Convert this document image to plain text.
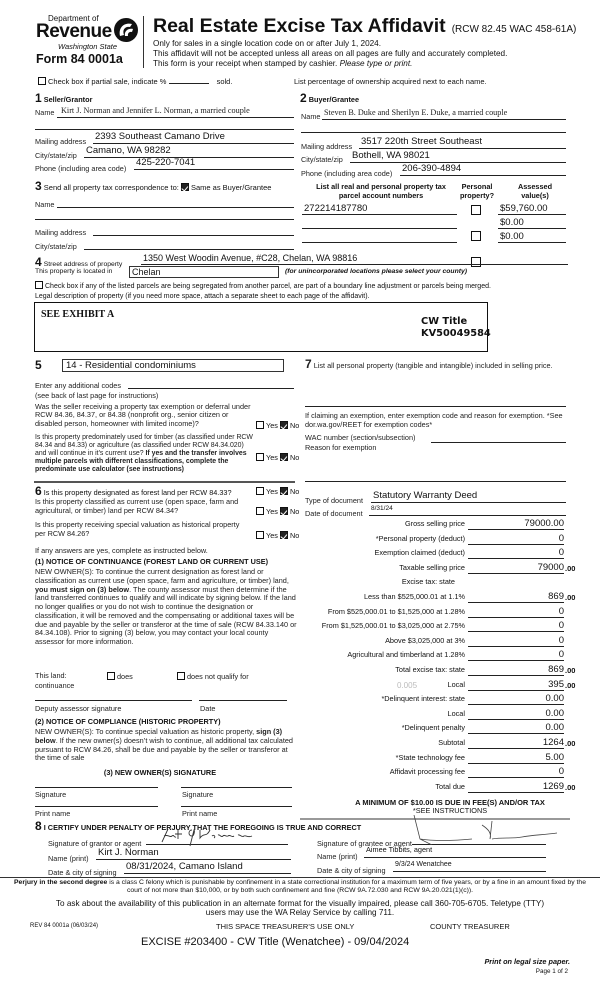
Department of
Revenue
Washington State
Form 84 0001a
Real Estate Excise Tax Affidavit (RCW 82.45 WAC 458-61A)
Only for sales in a single location code on or after July 1, 2024.
This affidavit will not be accepted unless all areas on all pages are fully and accurately completed.
This form is your receipt when stamped by cashier. Please type or print.
Check box if partial sale, indicate %	sold.	List percentage of ownership acquired next to each name.
1 Seller/Grantor
Name Kirt J. Norman and Jennifer L. Norman, a married couple
Mailing address 2393 Southeast Camano Drive
City/state/zip Camano, WA 98282
Phone (including area code)
425-220-7041
2 Buyer/Grantee
Name Steven B. Duke and Sherilyn E. Duke, a married couple
Mailing address 3517 220th Street Southeast
City/state/zip Bothell, WA 98021
Phone (including area code) 206-390-4894
List all real and personal property tax parcel account numbers
Personal property?
Assessed value(s)
272214187780	$59,760.00
$0.00
$0.00
3 Send all property tax correspondence to: Same as Buyer/Grantee
Name
Mailing address
City/state/zip
4 Street address of property
1350 West Woodin Avenue, #C28, Chelan, WA 98816
This property is located in	Chelan	(for unincorporated locations please select your county)
Check box if any of the listed parcels are being segregated from another parcel, are part of a boundary line adjustment or parcels being merged.
Legal description of property (if you need more space, attach a separate sheet to each page of the affidavit).
SEE EXHIBIT A
CW Title
KV50049584
5	14 - Residential condominiums
Enter any additional codes
(see back of last page for instructions)
Was the seller receiving a property tax exemption or deferral under RCW 84.36, 84.37, or 84.38 (nonprofit org., senior citizen or disabled person, homeowner with limited income)?	Yes No
Is this property predominately used for timber (as classified under RCW 84.34 and 84.33) or agriculture (as classified under RCW 84.34.020) and will continue in it's current use? If yes and the transfer involves multiple parcels with different classifications, complete the predominate use calculator (see instructions)
Yes No
6 Is this property designated as forest land per RCW 84.33?	Yes No
Is this property classified as current use (open space, farm and agricultural, or timber) land per RCW 84.34?	Yes No
Is this property receiving special valuation as historical property per RCW 84.26?	Yes No
If any answers are yes, complete as instructed below.
(1) NOTICE OF CONTINUANCE (FOREST LAND OR CURRENT USE)
NEW OWNER(S): To continue the current designation as forest land or classification as current use (open space, farm and agriculture, or timber) land, you must sign on (3) below. The county assessor must then determine if the land transferred continues to qualify and will indicate by signing below. If the land no longer qualifies or you do not wish to continue the designation or classification, it will be removed and the compensating or additional taxes will be due and payable by the seller or transferor at the time of sale (RCW 84.33.140 or 84.34.108). Prior to signing (3) below, you may contact your local county assessor for more information.
This land:	does	does not qualify for
continuance
Deputy assessor signature	Date
(2) NOTICE OF COMPLIANCE (HISTORIC PROPERTY)
NEW OWNER(S): To continue special valuation as historic property, sign (3) below. If the new owner(s) doesn’t wish to continue, all additional tax calculated pursuant to RCW 84.26, shall be due and payable by the seller or transferor at the time of sale
(3) NEW OWNER(S) SIGNATURE
Signature	Signature
Print name	Print name
7 List all personal property (tangible and intangible) included in selling price.
If claiming an exemption, enter exemption code and reason for exemption. *See dor.wa.gov/REET for exemption codes*
WAC number (section/subsection)
Reason for exemption
Type of document Statutory Warranty Deed
Date of document
8/31/24
Gross selling price	79000.00
*Personal property (deduct)	0
Exemption claimed (deduct)	0
Taxable selling price	79000 .00
Excise tax: state
Less than $525,000.01 at 1.1%	869 .00
From $525,000.01 to $1,525,000 at 1.28%	0
From $1,525,000.01 to $3,025,000 at 2.75%	0
Above $3,025,000 at 3%	0
Agricultural and timberland at 1.28%	0
Total excise tax: state	869 .00
Local
0.005	395 .00
*Delinquent interest: state	0.00
Local	0.00
*Delinquent penalty	0.00
Subtotal	1264 .00
*State technology fee	5.00
Affidavit processing fee	0
Total due	1269 .00
A MINIMUM OF $10.00 IS DUE IN FEE(S) AND/OR TAX
*SEE INSTRUCTIONS
8 I CERTIFY UNDER PENALTY OF PERJURY THAT THE FOREGOING IS TRUE AND CORRECT
Signature of grantor or agent
Name (print)
Kirt J. Norman
Date & city of signing
08/31/2024, Camano Island
Signature of grantee or agent
Name (print)
Aimee Tibbits, agent
Date & city of signing
9/3/24 Wenatchee
Perjury in the second degree is a class C felony which is punishable by confinement in a state correctional institution for a maximum term of five years, or by a fine in an amount fixed by the court of not more than $10,000, or by both such confinement and fine (RCW 9A.72.030 and RCW 9A.20.021(1)(c)).
To ask about the availability of this publication in an alternate format for the visually impaired, please call 360-705-6705. Teletype (TTY) users may use the WA Relay Service by calling 711.
REV 84 0001a (06/03/24)	THIS SPACE TREASURER’S USE ONLY	COUNTY TREASURER
EXCISE #203400 - CW Title (Wenatchee) - 09/04/2024
Print on legal size paper.
Page 1 of 2
